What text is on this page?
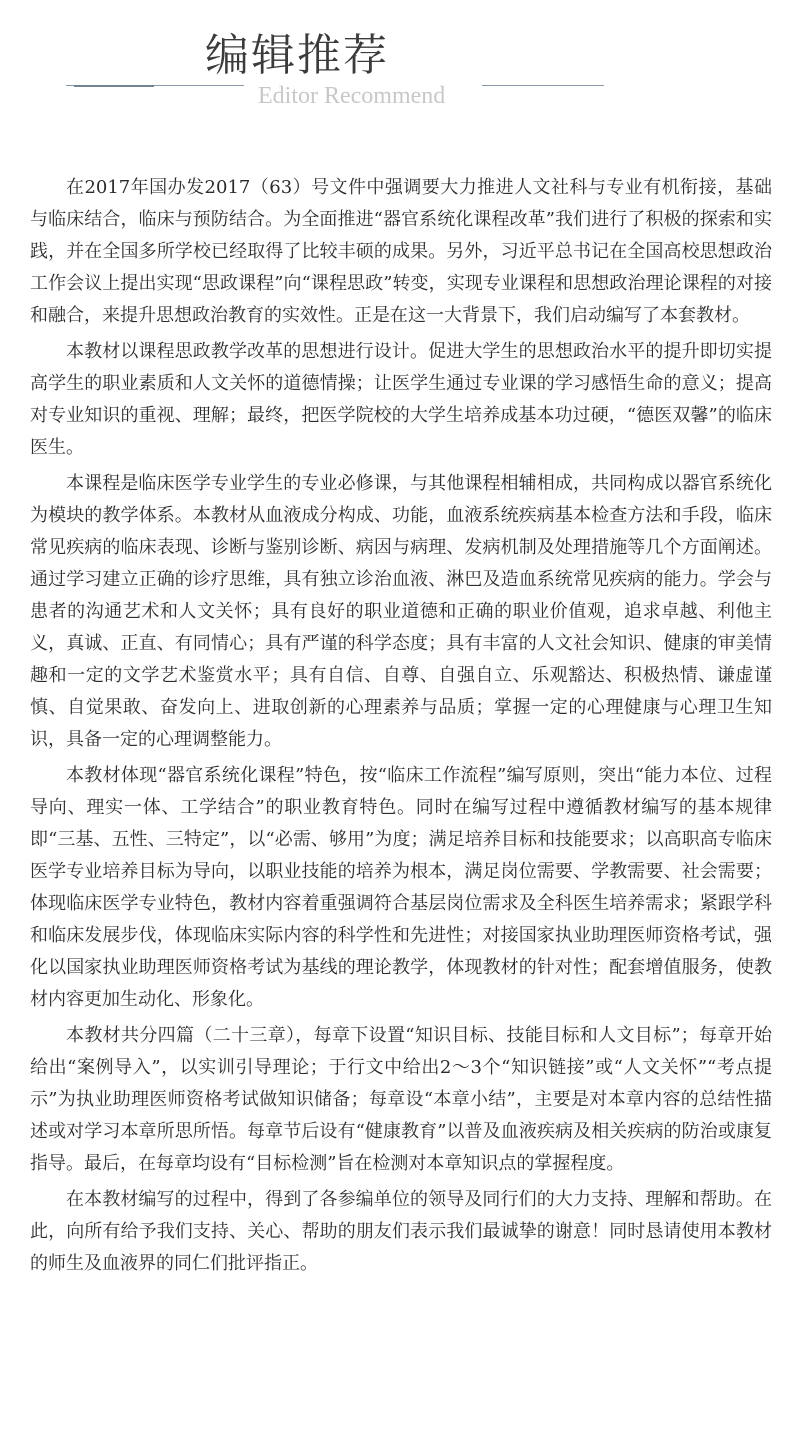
编辑推荐
Editor Recommend

在2017年国办发2017（63）号文件中强调要大力推进人文社科与专业有机衔接，基础与临床结合，临床与预防结合。为全面推进“器官系统化课程改革”我们进行了积极的探索和实践，并在全国多所学校已经取得了比较丰硕的成果。另外，习近平总书记在全国高校思想政治工作会议上提出实现“思政课程”向“课程思政”转变，实现专业课程和思想政治理论课程的对接和融合，来提升思想政治教育的实效性。正是在这一大背景下，我们启动编写了本套教材。

本教材以课程思政教学改革的思想进行设计。促进大学生的思想政治水平的提升即切实提高学生的职业素质和人文关怀的道德情操；让医学生通过专业课的学习感悟生命的意义；提高对专业知识的重视、理解；最终，把医学院校的大学生培养成基本功过硬，“德医双馨”的临床医生。

本课程是临床医学专业学生的专业必修课，与其他课程相辅相成，共同构成以器官系统化为模块的教学体系。本教材从血液成分构成、功能，血液系统疾病基本检查方法和手段，临床常见疾病的临床表现、诊断与鉴别诊断、病因与病理、发病机制及处理措施等几个方面阐述。通过学习建立正确的诊疗思维，具有独立诊治血液、淋巴及造血系统常见疾病的能力。学会与患者的沟通艺术和人文关怀；具有良好的职业道德和正确的职业价值观，追求卓越、利他主义，真诚、正直、有同情心；具有严谨的科学态度；具有丰富的人文社会知识、健康的审美情趣和一定的文学艺术鉴赏水平；具有自信、自尊、自强自立、乐观豁达、积极热情、谦虚谨慎、自觉果敢、奋发向上、进取创新的心理素养与品质；掌握一定的心理健康与心理卫生知识，具备一定的心理调整能力。

本教材体现“器官系统化课程”特色，按“临床工作流程”编写原则，突出“能力本位、过程导向、理实一体、工学结合”的职业教育特色。同时在编写过程中遵循教材编写的基本规律即“三基、五性、三特定”，以“必需、够用”为度；满足培养目标和技能要求；以高职高专临床医学专业培养目标为导向，以职业技能的培养为根本，满足岗位需要、学教需要、社会需要；体现临床医学专业特色，教材内容着重强调符合基层岗位需求及全科医生培养需求；紧跟学科和临床发展步伐，体现临床实际内容的科学性和先进性；对接国家执业助理医师资格考试，强化以国家执业助理医师资格考试为基线的理论教学，体现教材的针对性；配套增值服务，使教材内容更加生动化、形象化。

本教材共分四篇（二十三章），每章下设置“知识目标、技能目标和人文目标”；每章开始给出“案例导入”，以实训引导理论；于行文中给出2～3个“知识链接”或“人文关怀”“考点提示”为执业助理医师资格考试做知识储备；每章设“本章小结”，主要是对本章内容的总结性描述或对学习本章所思所悟。每章节后设有“健康教育”以普及血液疾病及相关疾病的防治或康复指导。最后，在每章均设有“目标检测”旨在检测对本章知识点的掌握程度。

在本教材编写的过程中，得到了各参编单位的领导及同行们的大力支持、理解和帮助。在此，向所有给予我们支持、关心、帮助的朋友们表示我们最诚挚的谢意！同时恳请使用本教材的师生及血液界的同仁们批评指正。
